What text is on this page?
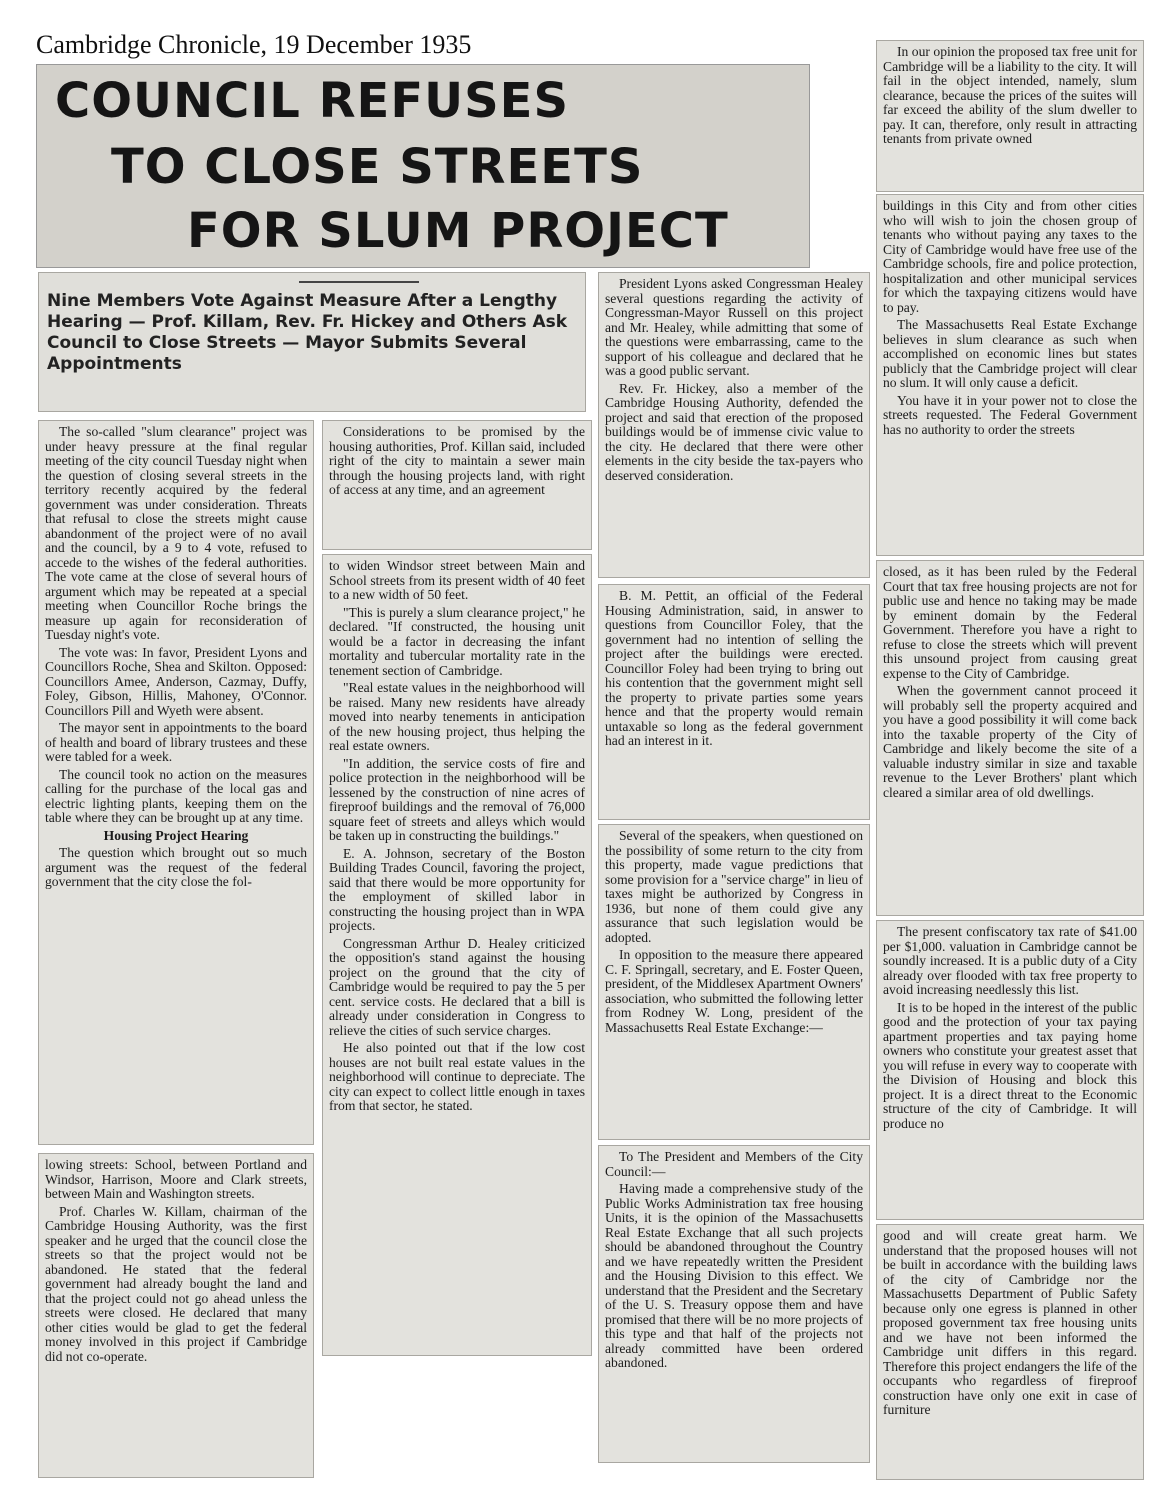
Cambridge Chronicle, 19 December 1935
COUNCIL REFUSES
TO CLOSE STREETS
FOR SLUM PROJECT

Nine Members Vote Against Measure After a Lengthy Hearing — Prof. Killam, Rev. Fr. Hickey and Others Ask Council to Close Streets — Mayor Submits Several Appointments

The so-called "slum clearance" project was under heavy pressure at the final regular meeting of the city council Tuesday night when the question of closing several streets in the territory recently acquired by the federal government was under consideration. Threats that refusal to close the streets might cause abandonment of the project were of no avail and the council, by a 9 to 4 vote, refused to accede to the wishes of the federal authorities. The vote came at the close of several hours of argument which may be repeated at a special meeting when Councillor Roche brings the measure up again for reconsideration of Tuesday night's vote.

The vote was: In favor, President Lyons and Councillors Roche, Shea and Skilton. Opposed: Councillors Amee, Anderson, Cazmay, Duffy, Foley, Gibson, Hillis, Mahoney, O'Connor. Councillors Pill and Wyeth were absent.

The mayor sent in appointments to the board of health and board of library trustees and these were tabled for a week.

The council took no action on the measures calling for the purchase of the local gas and electric lighting plants, keeping them on the table where they can be brought up at any time.

Housing Project Hearing

The question which brought out so much argument was the request of the federal government that the city close the fol-

lowing streets: School, between Portland and Windsor, Harrison, Moore and Clark streets, between Main and Washington streets.

Prof. Charles W. Killam, chairman of the Cambridge Housing Authority, was the first speaker and he urged that the council close the streets so that the project would not be abandoned. He stated that the federal government had already bought the land and that the project could not go ahead unless the streets were closed. He declared that many other cities would be glad to get the federal money involved in this project if Cambridge did not co-operate.

Considerations to be promised by the housing authorities, Prof. Killan said, included right of the city to maintain a sewer main through the housing projects land, with right of access at any time, and an agreement

to widen Windsor street between Main and School streets from its present width of 40 feet to a new width of 50 feet.

"This is purely a slum clearance project," he declared. "If constructed, the housing unit would be a factor in decreasing the infant mortality and tubercular mortality rate in the tenement section of Cambridge.

"Real estate values in the neighborhood will be raised. Many new residents have already moved into nearby tenements in anticipation of the new housing project, thus helping the real estate owners.

"In addition, the service costs of fire and police protection in the neighborhood will be lessened by the construction of nine acres of fireproof buildings and the removal of 76,000 square feet of streets and alleys which would be taken up in constructing the buildings."

E. A. Johnson, secretary of the Boston Building Trades Council, favoring the project, said that there would be more opportunity for the employment of skilled labor in constructing the housing project than in WPA projects.

Congressman Arthur D. Healey criticized the opposition's stand against the housing project on the ground that the city of Cambridge would be required to pay the 5 per cent. service costs. He declared that a bill is already under consideration in Congress to relieve the cities of such service charges.

He also pointed out that if the low cost houses are not built real estate values in the neighborhood will continue to depreciate. The city can expect to collect little enough in taxes from that sector, he stated.

President Lyons asked Congressman Healey several questions regarding the activity of Congressman-Mayor Russell on this project and Mr. Healey, while admitting that some of the questions were embarrassing, came to the support of his colleague and declared that he was a good public servant.

Rev. Fr. Hickey, also a member of the Cambridge Housing Authority, defended the project and said that erection of the proposed buildings would be of immense civic value to the city. He declared that there were other elements in the city beside the tax-payers who deserved consideration.

B. M. Pettit, an official of the Federal Housing Administration, said, in answer to questions from Councillor Foley, that the government had no intention of selling the project after the buildings were erected. Councillor Foley had been trying to bring out his contention that the government might sell the property to private parties some years hence and that the property would remain untaxable so long as the federal government had an interest in it.

Several of the speakers, when questioned on the possibility of some return to the city from this property, made vague predictions that some provision for a "service charge" in lieu of taxes might be authorized by Congress in 1936, but none of them could give any assurance that such legislation would be adopted.

In opposition to the measure there appeared C. F. Springall, secretary, and E. Foster Queen, president, of the Middlesex Apartment Owners' association, who submitted the following letter from Rodney W. Long, president of the Massachusetts Real Estate Exchange:—

To The President and Members of the City Council:—

Having made a comprehensive study of the Public Works Administration tax free housing Units, it is the opinion of the Massachusetts Real Estate Exchange that all such projects should be abandoned throughout the Country and we have repeatedly written the President and the Housing Division to this effect. We understand that the President and the Secretary of the U. S. Treasury oppose them and have promised that there will be no more projects of this type and that half of the projects not already committed have been ordered abandoned.

In our opinion the proposed tax free unit for Cambridge will be a liability to the city. It will fail in the object intended, namely, slum clearance, because the prices of the suites will far exceed the ability of the slum dweller to pay. It can, therefore, only result in attracting tenants from private owned

buildings in this City and from other cities who will wish to join the chosen group of tenants who without paying any taxes to the City of Cambridge would have free use of the Cambridge schools, fire and police protection, hospitalization and other municipal services for which the taxpaying citizens would have to pay.

The Massachusetts Real Estate Exchange believes in slum clearance as such when accomplished on economic lines but states publicly that the Cambridge project will clear no slum. It will only cause a deficit.

You have it in your power not to close the streets requested. The Federal Government has no authority to order the streets

closed, as it has been ruled by the Federal Court that tax free housing projects are not for public use and hence no taking may be made by eminent domain by the Federal Government. Therefore you have a right to refuse to close the streets which will prevent this unsound project from causing great expense to the City of Cambridge.

When the government cannot proceed it will probably sell the property acquired and you have a good possibility it will come back into the taxable property of the City of Cambridge and likely become the site of a valuable industry similar in size and taxable revenue to the Lever Brothers' plant which cleared a similar area of old dwellings.

The present confiscatory tax rate of $41.00 per $1,000. valuation in Cambridge cannot be soundly increased. It is a public duty of a City already over flooded with tax free property to avoid increasing needlessly this list.

It is to be hoped in the interest of the public good and the protection of your tax paying apartment properties and tax paying home owners who constitute your greatest asset that you will refuse in every way to cooperate with the Division of Housing and block this project. It is a direct threat to the Economic structure of the city of Cambridge. It will produce no

good and will create great harm. We understand that the proposed houses will not be built in accordance with the building laws of the city of Cambridge nor the Massachusetts Department of Public Safety because only one egress is planned in other proposed government tax free housing units and we have not been informed the Cambridge unit differs in this regard. Therefore this project endangers the life of the occupants who regardless of fireproof construction have only one exit in case of furniture
